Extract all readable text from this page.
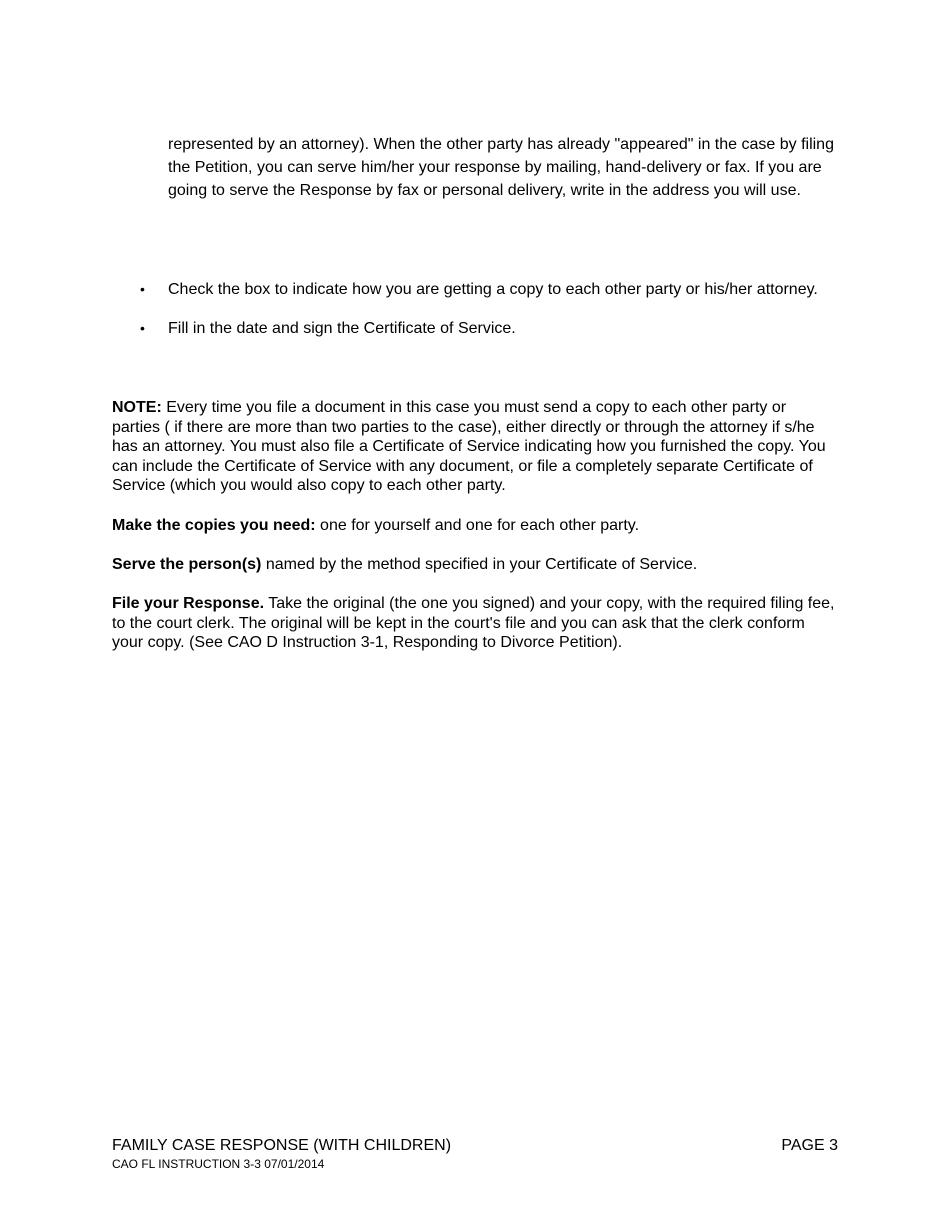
represented by an attorney). When the other party has already "appeared" in the case by filing the Petition, you can serve him/her your response by mailing, hand-delivery or fax. If you are going to serve the Response by fax or personal delivery, write in the address you will use.

•	Check the box to indicate how you are getting a copy to each other party or his/her attorney.
•	Fill in the date and sign the Certificate of Service.

NOTE: Every time you file a document in this case you must send a copy to each other party or parties ( if there are more than two parties to the case), either directly or through the attorney if s/he has an attorney. You must also file a Certificate of Service indicating how you furnished the copy. You can include the Certificate of Service with any document, or file a completely separate Certificate of Service (which you would also copy to each other party.

Make the copies you need: one for yourself and one for each other party.

Serve the person(s) named by the method specified in your Certificate of Service.

File your Response. Take the original (the one you signed) and your copy, with the required filing fee, to the court clerk. The original will be kept in the court's file and you can ask that the clerk conform your copy. (See CAO D Instruction 3-1, Responding to Divorce Petition).

FAMILY CASE RESPONSE (WITH CHILDREN)	PAGE 3
CAO FL INSTRUCTION 3-3 07/01/2014
